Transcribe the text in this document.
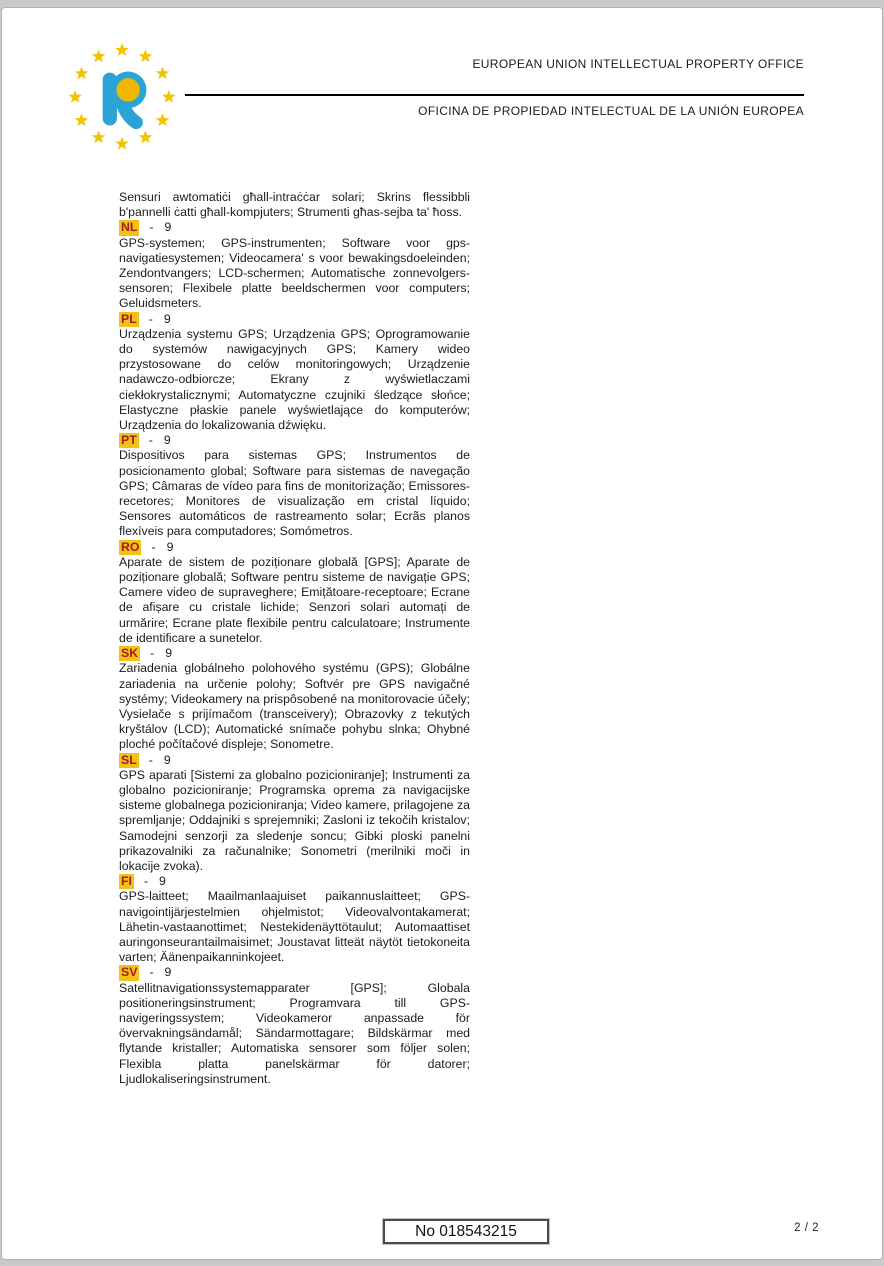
EUROPEAN UNION INTELLECTUAL PROPERTY OFFICE
OFICINA DE PROPIEDAD INTELECTUAL DE LA UNIÓN EUROPEA

Sensuri awtomatiċi għall-intraċċar solari; Skrins flessibbli b'pannelli ċatti għall-kompjuters; Strumenti għas-sejba ta' ħoss.

NL - 9

GPS-systemen; GPS-instrumenten; Software voor gps-navigatiesystemen; Videocamera' s voor bewakingsdoeleinden; Zendontvangers; LCD-schermen; Automatische zonnevolgers-sensoren; Flexibele platte beeldschermen voor computers; Geluidsmeters.

PL - 9

Urządzenia systemu GPS; Urządzenia GPS; Oprogramowanie do systemów nawigacyjnych GPS; Kamery wideo przystosowane do celów monitoringowych; Urządzenie nadawczo-odbiorcze; Ekrany z wyświetlaczami ciekłokrystalicznymi; Automatyczne czujniki śledzące słońce; Elastyczne płaskie panele wyświetlające do komputerów; Urządzenia do lokalizowania dźwięku.

PT - 9

Dispositivos para sistemas GPS; Instrumentos de posicionamento global; Software para sistemas de navegação GPS; Câmaras de vídeo para fins de monitorização; Emissores-recetores; Monitores de visualização em cristal líquido; Sensores automáticos de rastreamento solar; Ecrãs planos flexíveis para computadores; Somómetros.

RO - 9

Aparate de sistem de poziționare globală [GPS]; Aparate de poziționare globală; Software pentru sisteme de navigație GPS; Camere video de supraveghere; Emițătoare-receptoare; Ecrane de afișare cu cristale lichide; Senzori solari automați de urmărire; Ecrane plate flexibile pentru calculatoare; Instrumente de identificare a sunetelor.

SK - 9

Zariadenia globálneho polohového systému (GPS); Globálne zariadenia na určenie polohy; Softvér pre GPS navigačné systémy; Videokamery na prispôsobené na monitorovacie účely; Vysielače s prijímačom (transceivery); Obrazovky z tekutých kryštálov (LCD); Automatické snímače pohybu slnka; Ohybné ploché počítačové displeje; Sonometre.

SL - 9

GPS aparati [Sistemi za globalno pozicioniranje]; Instrumenti za globalno pozicioniranje; Programska oprema za navigacijske sisteme globalnega pozicioniranja; Video kamere, prilagojene za spremljanje; Oddajniki s sprejemniki; Zasloni iz tekočih kristalov; Samodejni senzorji za sledenje soncu; Gibki ploski panelni prikazovalniki za računalnike; Sonometri (merilniki moči in lokacije zvoka).

FI - 9

GPS-laitteet; Maailmanlaajuiset paikannuslaitteet; GPS-navigointijärjestelmien ohjelmistot; Videovalvontakamerat; Lähetin-vastaanottimet; Nestekidenäyttötaulut; Automaattiset auringonseurantailmaisimet; Joustavat litteät näytöt tietokoneita varten; Äänenpaikanninkojeet.

SV - 9

Satellitnavigationssystemapparater [GPS]; Globala positioneringsinstrument; Programvara till GPS-navigeringssystem; Videokameror anpassade för övervakningsändamål; Sändarmottagare; Bildskärmar med flytande kristaller; Automatiska sensorer som följer solen; Flexibla platta panelskärmar för datorer; Ljudlokaliseringsinstrument.

No 018543215	2 / 2
